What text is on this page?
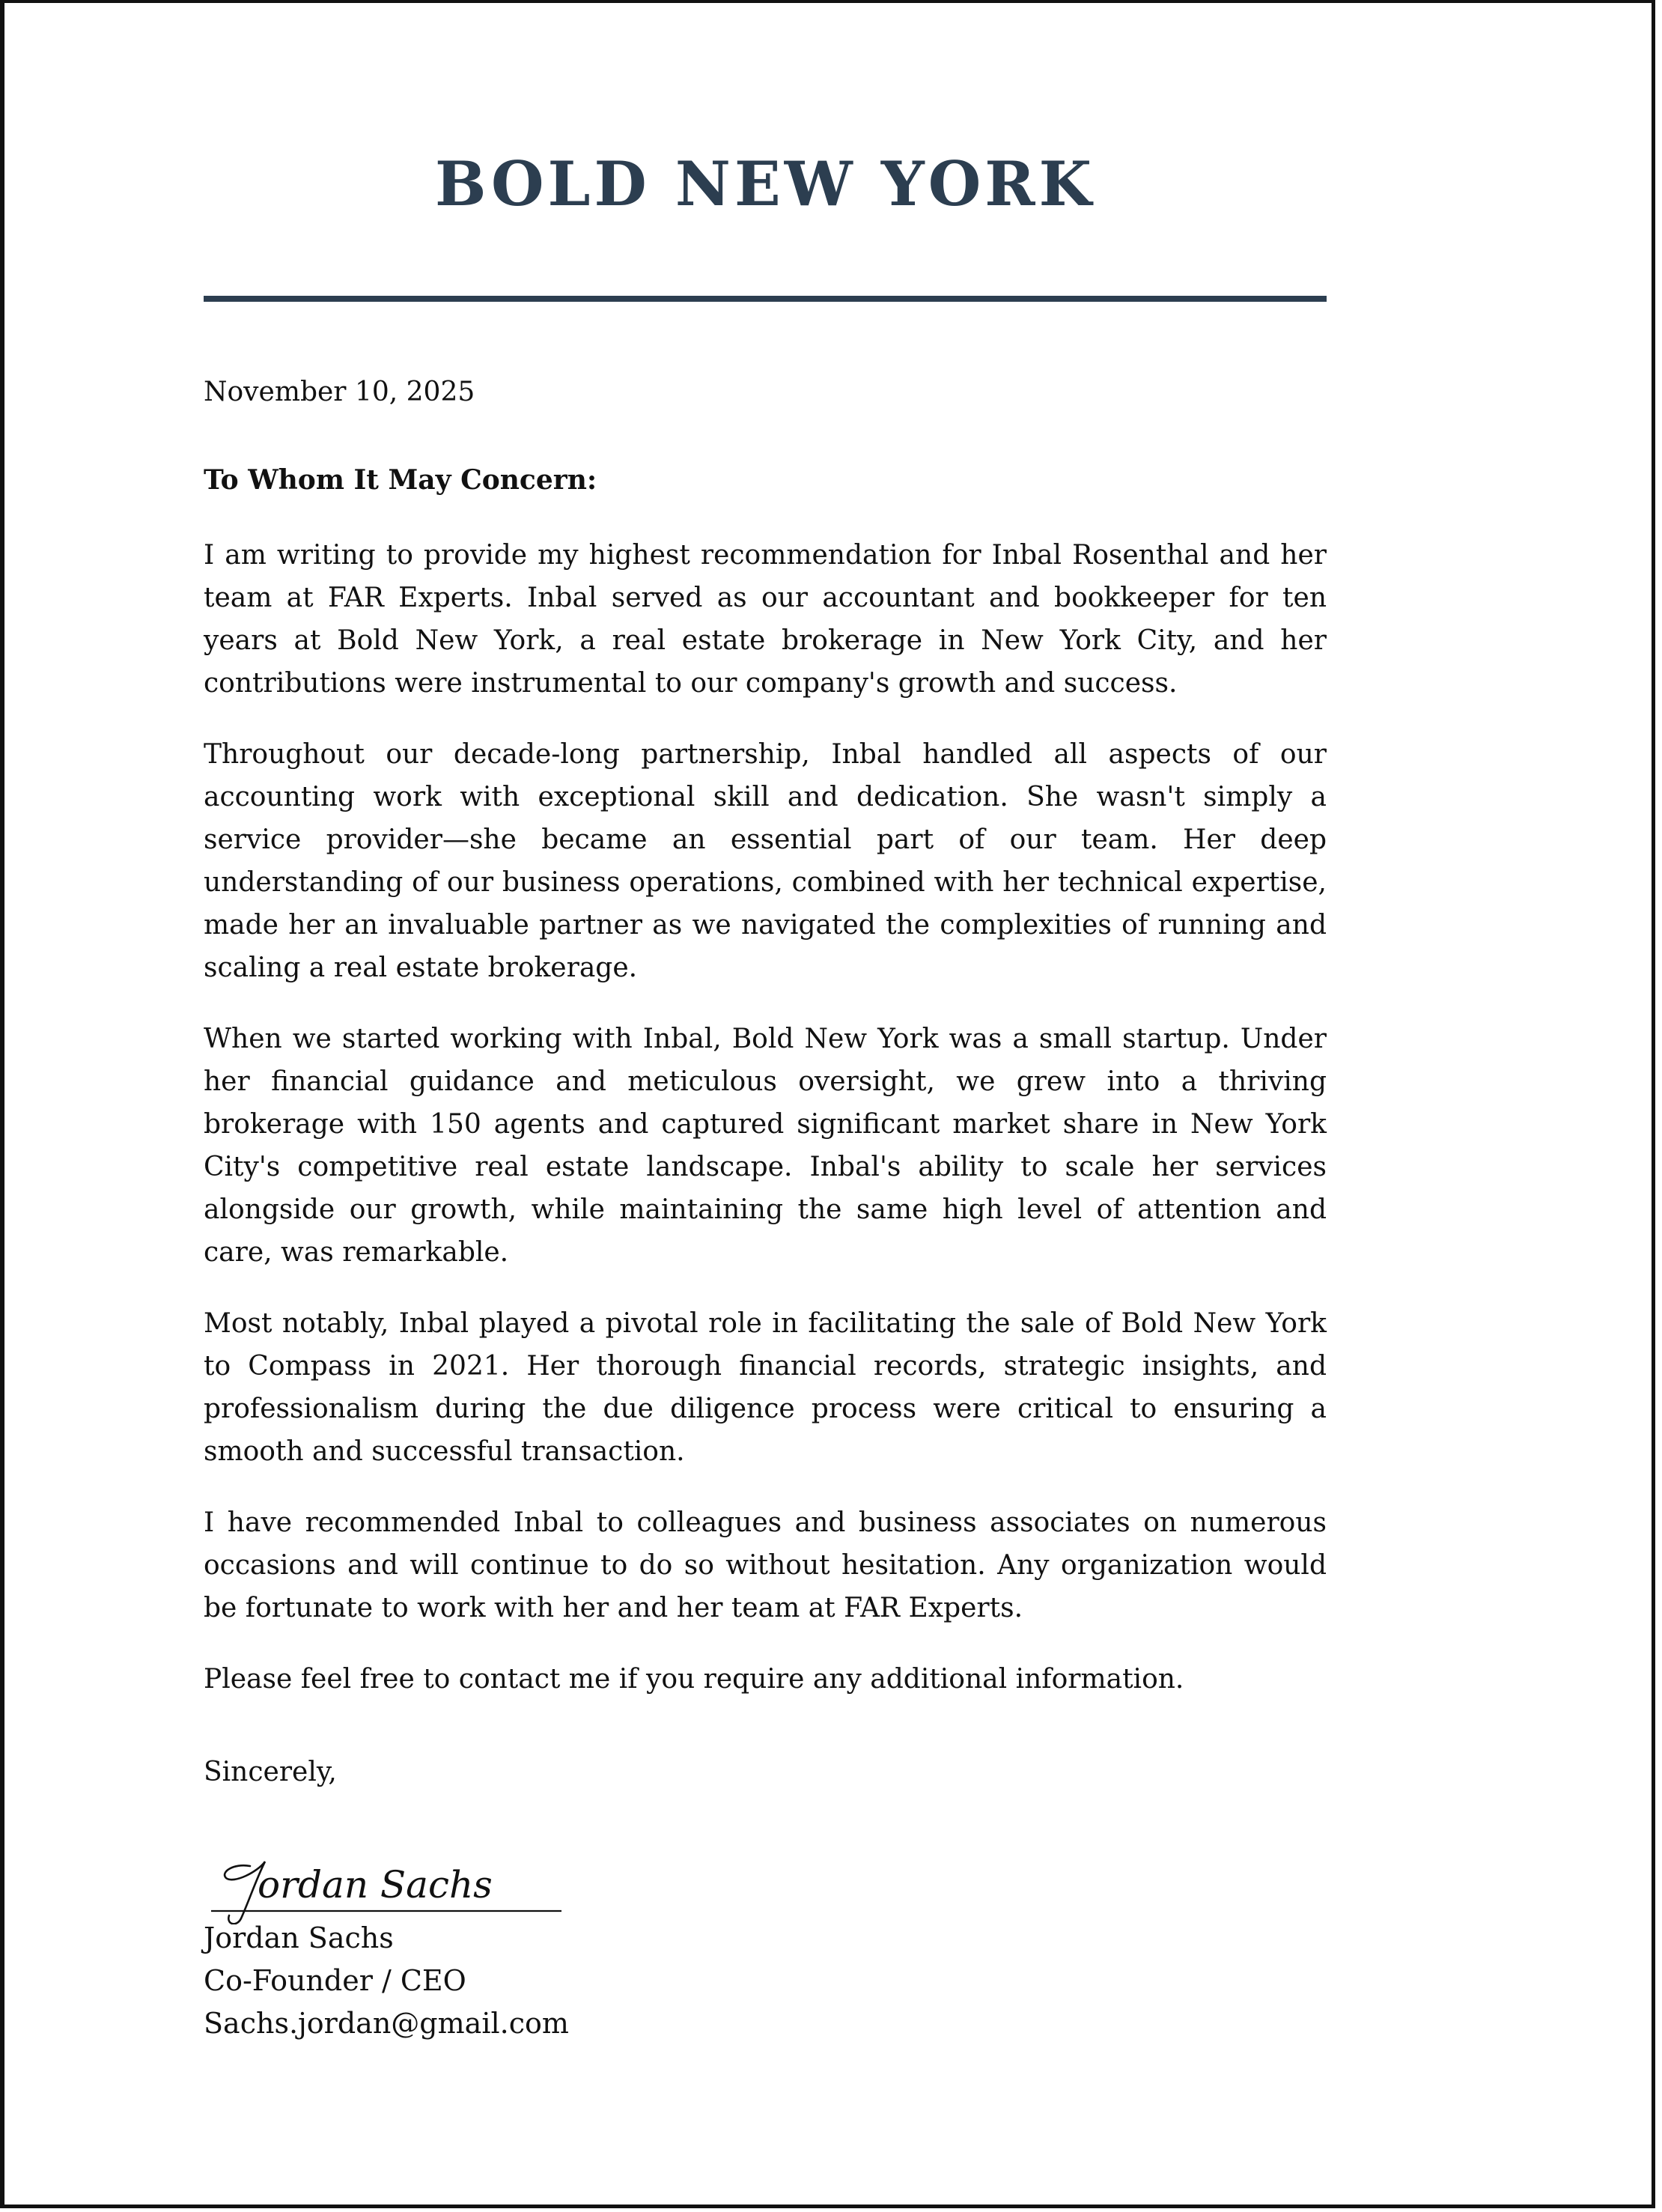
BOLD NEW YORK
November 10, 2025
To Whom It May Concern:

I am writing to provide my highest recommendation for Inbal Rosenthal and her team at FAR Experts. Inbal served as our accountant and bookkeeper for ten years at Bold New York, a real estate brokerage in New York City, and her contributions were instrumental to our company's growth and success.

Throughout our decade-long partnership, Inbal handled all aspects of our accounting work with exceptional skill and dedication. She wasn't simply a service provider—she became an essential part of our team. Her deep understanding of our business operations, combined with her technical expertise, made her an invaluable partner as we navigated the complexities of running and scaling a real estate brokerage.

When we started working with Inbal, Bold New York was a small startup. Under her financial guidance and meticulous oversight, we grew into a thriving brokerage with 150 agents and captured significant market share in New York City's competitive real estate landscape. Inbal's ability to scale her services alongside our growth, while maintaining the same high level of attention and care, was remarkable.

Most notably, Inbal played a pivotal role in facilitating the sale of Bold New York to Compass in 2021. Her thorough financial records, strategic insights, and professionalism during the due diligence process were critical to ensuring a smooth and successful transaction.

I have recommended Inbal to colleagues and business associates on numerous occasions and will continue to do so without hesitation. Any organization would be fortunate to work with her and her team at FAR Experts.

Please feel free to contact me if you require any additional information.

Sincerely,
ordan Sachs
Jordan Sachs
Co-Founder / CEO
Sachs.jordan@gmail.com
